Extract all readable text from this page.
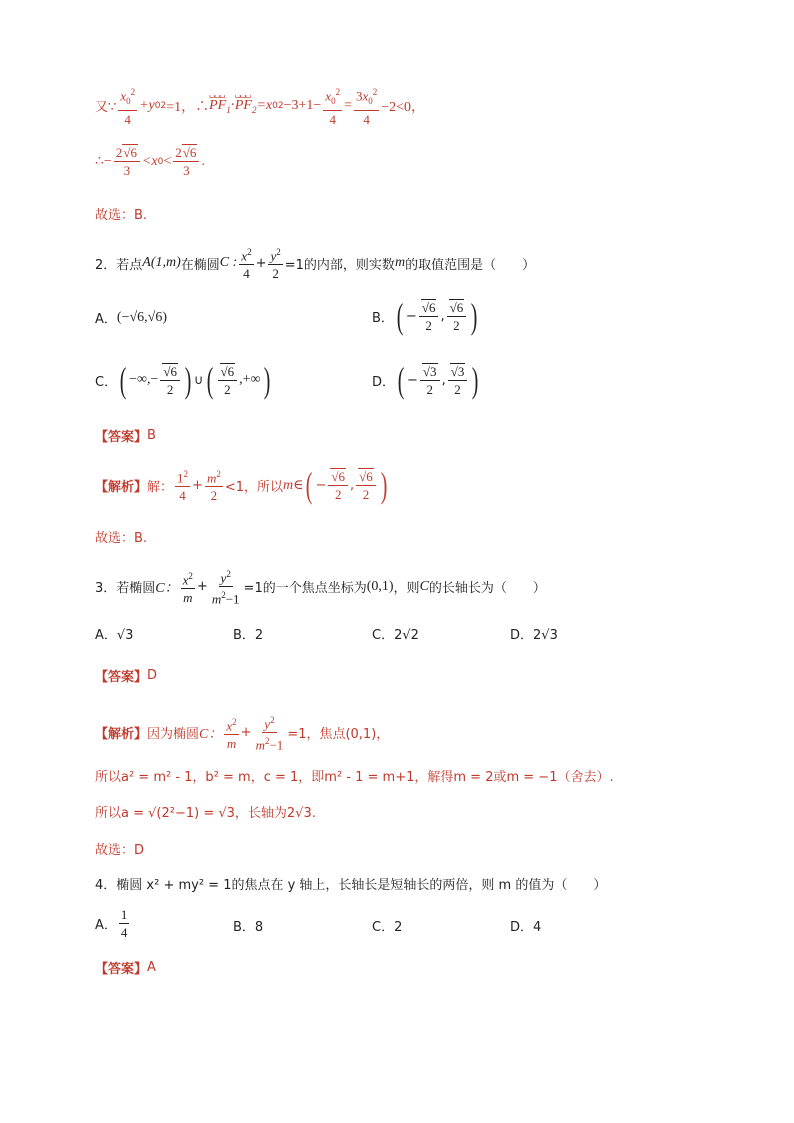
又∵ $\frac{x_0^2}{4} +y$ 0 2 =1，∴
␣␣␣
$PF_1$ ·
␣␣␣
$PF_2 =x$ 0 $2 -3+1- \frac{x_0^2}{4} = \frac{3x_0^2}{4} -2<0$，
∴− $\frac{2√6}{3} <x$ $0 < \frac{2√6}{3}$ .
故选：B.
2．若点 A(1,m) 在椭圆 C : $\frac{x^2}{4} + \frac{y^2}{2} =1$的内部，则实数 m 的取值范围是（　　）
A． (−√6,√6)	B． ( − $\frac{√6}{2}$ , $\frac{√6}{2}$ )
C． ( −∞,− $\frac{√6}{2}$ ) ∪ ( $\frac{√6}{2}$ ,+∞ )	D． ( − $\frac{√3}{2}$ , $\frac{√3}{2}$ )
【答案】 B
【解析】 解： $\frac{1^2}{4} + \frac{m^2}{2} <1$，所以 m∈ ( − $\frac{√6}{2}$ , $\frac{√6}{2}$ )
故选：B.
3．若椭圆 C： $\frac{x^2}{m} + \frac{y^2}{m^2-1} =1$的一个焦点坐标为 (0,1) ，则 C 的长轴长为（　　）
A．√3	B．2	C．2√2	D．2√3
【答案】 D
【解析】 因为椭圆 C： $\frac{x^2}{m} + \frac{y^2}{m^2-1} =1$，焦点(0,1)，
所以a² = m² - 1，b² = m，c = 1，即m² - 1 = m+1，解得m = 2或m = −1（舍去）.
所以a = √(2²−1) = √3，长轴为2√3.
故选：D
4．椭圆 x² + my² = 1的焦点在 y 轴上，长轴长是短轴长的两倍，则 m 的值为（　　）
A． $\frac{1}{4}$	B．8	C．2	D．4
【答案】 A
